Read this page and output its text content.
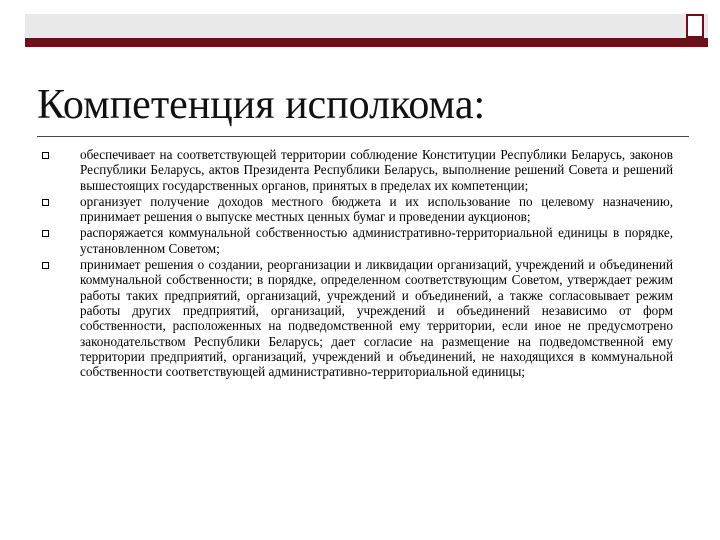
Компетенция исполкома:
обеспечивает на соответствующей территории соблюдение Конституции Республики Беларусь, законов Республики Беларусь, актов Президента Республики Беларусь, выполнение решений Совета и решений вышестоящих государственных органов, принятых в пределах их компетенции;
организует получение доходов местного бюджета и их использование по целевому назначению, принимает решения о выпуске местных ценных бумаг и проведении аукционов;
распоряжается коммунальной собственностью административно-территориальной единицы в порядке, установленном Советом;
принимает решения о создании, реорганизации и ликвидации организаций, учреждений и объединений коммунальной собственности; в порядке, определенном соответствующим Советом, утверждает режим работы таких предприятий, организаций, учреждений и объединений, а также согласовывает режим работы других предприятий, организаций, учреждений и объединений независимо от форм собственности, расположенных на подведомственной ему территории, если иное не предусмотрено законодательством Республики Беларусь; дает согласие на размещение на подведомственной ему территории предприятий, организаций, учреждений и объединений, не находящихся в коммунальной собственности соответствующей административно-территориальной единицы;
